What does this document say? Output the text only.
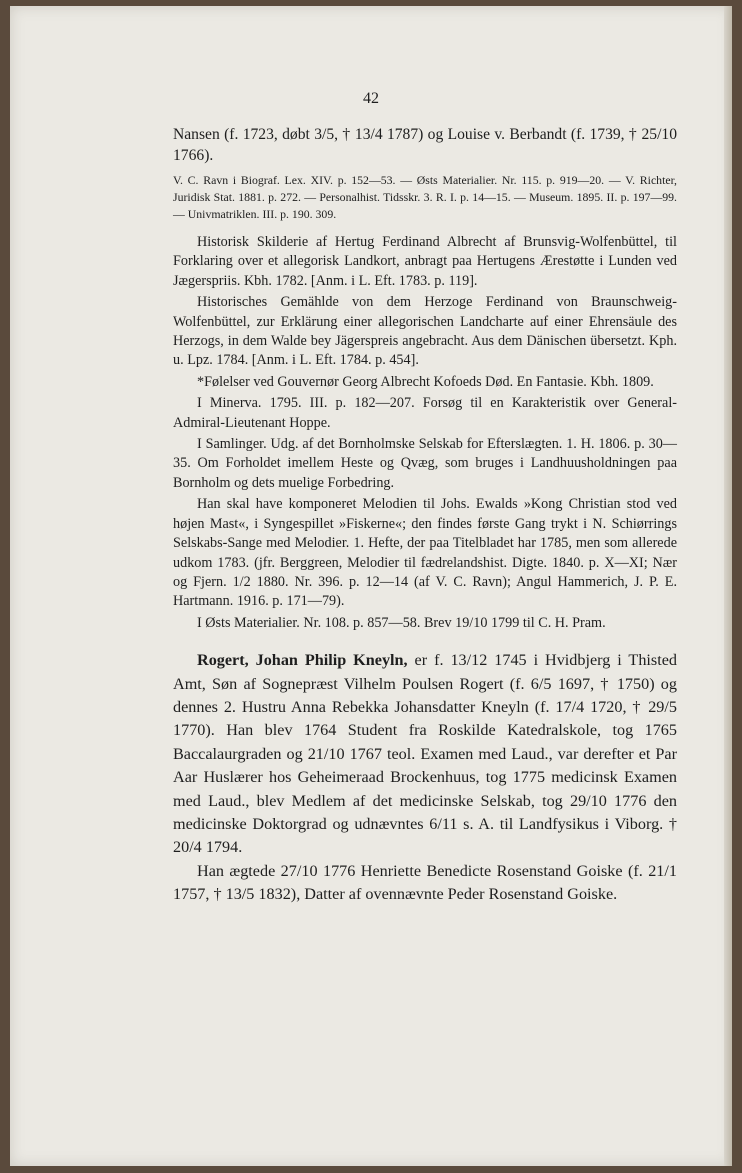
42

Nansen (f. 1723, døbt 3/5, † 13/4 1787) og Louise v. Berbandt (f. 1739, † 25/10 1766).

V. C. Ravn i Biograf. Lex. XIV. p. 152—53. — Østs Materialier. Nr. 115. p. 919—20. — V. Richter, Juridisk Stat. 1881. p. 272. — Personalhist. Tidsskr. 3. R. I. p. 14—15. — Museum. 1895. II. p. 197—99. — Univmatriklen. III. p. 190. 309.

Historisk Skilderie af Hertug Ferdinand Albrecht af Brunsvig-Wolfenbüttel, til Forklaring over et allegorisk Landkort, anbragt paa Hertugens Ærestøtte i Lunden ved Jægerspriis. Kbh. 1782. [Anm. i L. Eft. 1783. p. 119].

Historisches Gemählde von dem Herzoge Ferdinand von Braunschweig-Wolfenbüttel, zur Erklärung einer allegorischen Landcharte auf einer Ehrensäule des Herzogs, in dem Walde bey Jägerspreis angebracht. Aus dem Dänischen übersetzt. Kph. u. Lpz. 1784. [Anm. i L. Eft. 1784. p. 454].

*Følelser ved Gouvernør Georg Albrecht Kofoeds Død. En Fantasie. Kbh. 1809.

I Minerva. 1795. III. p. 182—207. Forsøg til en Karakteristik over General-Admiral-Lieutenant Hoppe.

I Samlinger. Udg. af det Bornholmske Selskab for Efterslægten. 1. H. 1806. p. 30—35. Om Forholdet imellem Heste og Qvæg, som bruges i Landhuusholdningen paa Bornholm og dets muelige Forbedring.

Han skal have komponeret Melodien til Johs. Ewalds »Kong Christian stod ved højen Mast«, i Syngespillet »Fiskerne«; den findes første Gang trykt i N. Schiørrings Selskabs-Sange med Melodier. 1. Hefte, der paa Titelbladet har 1785, men som allerede udkom 1783. (jfr. Berggreen, Melodier til fædrelandshist. Digte. 1840. p. X—XI; Nær og Fjern. 1/2 1880. Nr. 396. p. 12—14 (af V. C. Ravn); Angul Hammerich, J. P. E. Hartmann. 1916. p. 171—79).

I Østs Materialier. Nr. 108. p. 857—58. Brev 19/10 1799 til C. H. Pram.

Rogert, Johan Philip Kneyln, er f. 13/12 1745 i Hvidbjerg i Thisted Amt, Søn af Sognepræst Vilhelm Poulsen Rogert (f. 6/5 1697, † 1750) og dennes 2. Hustru Anna Rebekka Johansdatter Kneyln (f. 17/4 1720, † 29/5 1770). Han blev 1764 Student fra Roskilde Katedralskole, tog 1765 Baccalaurgraden og 21/10 1767 teol. Examen med Laud., var derefter et Par Aar Huslærer hos Geheimeraad Brockenhuus, tog 1775 medicinsk Examen med Laud., blev Medlem af det medicinske Selskab, tog 29/10 1776 den medicinske Doktorgrad og udnævntes 6/11 s. A. til Landfysikus i Viborg. † 20/4 1794.

Han ægtede 27/10 1776 Henriette Benedicte Rosenstand Goiske (f. 21/1 1757, † 13/5 1832), Datter af ovennævnte Peder Rosenstand Goiske.
